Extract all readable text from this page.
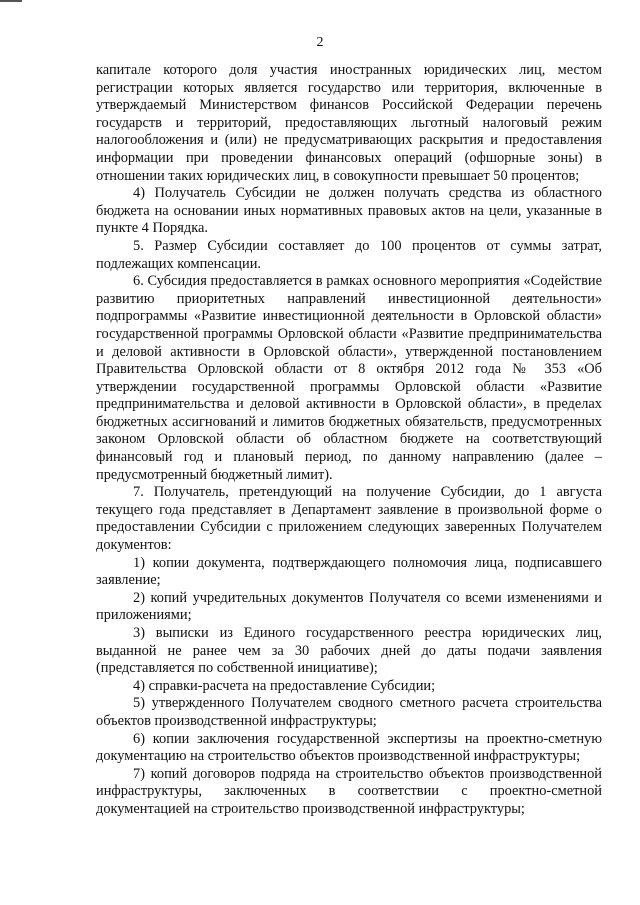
2

капитале которого доля участия иностранных юридических лиц, местом регистрации которых является государство или территория, включенные в утверждаемый Министерством финансов Российской Федерации перечень государств и территорий, предоставляющих льготный налоговый режим налогообложения и (или) не предусматривающих раскрытия и предоставления информации при проведении финансовых операций (офшорные зоны) в отношении таких юридических лиц, в совокупности превышает 50 процентов;

4) Получатель Субсидии не должен получать средства из областного бюджета на основании иных нормативных правовых актов на цели, указанные в пункте 4 Порядка.

5. Размер Субсидии составляет до 100 процентов от суммы затрат, подлежащих компенсации.

6. Субсидия предоставляется в рамках основного мероприятия «Содействие развитию приоритетных направлений инвестиционной деятельности» подпрограммы «Развитие инвестиционной деятельности в Орловской области» государственной программы Орловской области «Развитие предпринимательства и деловой активности в Орловской области», утвержденной постановлением Правительства Орловской области от 8 октября 2012 года № 353 «Об утверждении государственной программы Орловской области «Развитие предпринимательства и деловой активности в Орловской области», в пределах бюджетных ассигнований и лимитов бюджетных обязательств, предусмотренных законом Орловской области об областном бюджете на соответствующий финансовый год и плановый период, по данному направлению (далее – предусмотренный бюджетный лимит).

7. Получатель, претендующий на получение Субсидии, до 1 августа текущего года представляет в Департамент заявление в произвольной форме о предоставлении Субсидии с приложением следующих заверенных Получателем документов:

1) копии документа, подтверждающего полномочия лица, подписавшего заявление;

2) копий учредительных документов Получателя со всеми изменениями и приложениями;

3) выписки из Единого государственного реестра юридических лиц, выданной не ранее чем за 30 рабочих дней до даты подачи заявления (представляется по собственной инициативе);

4) справки-расчета на предоставление Субсидии;

5) утвержденного Получателем сводного сметного расчета строительства объектов производственной инфраструктуры;

6) копии заключения государственной экспертизы на проектно-сметную документацию на строительство объектов производственной инфраструктуры;

7) копий договоров подряда на строительство объектов производственной инфраструктуры, заключенных в соответствии с проектно-сметной документацией на строительство производственной инфраструктуры;
